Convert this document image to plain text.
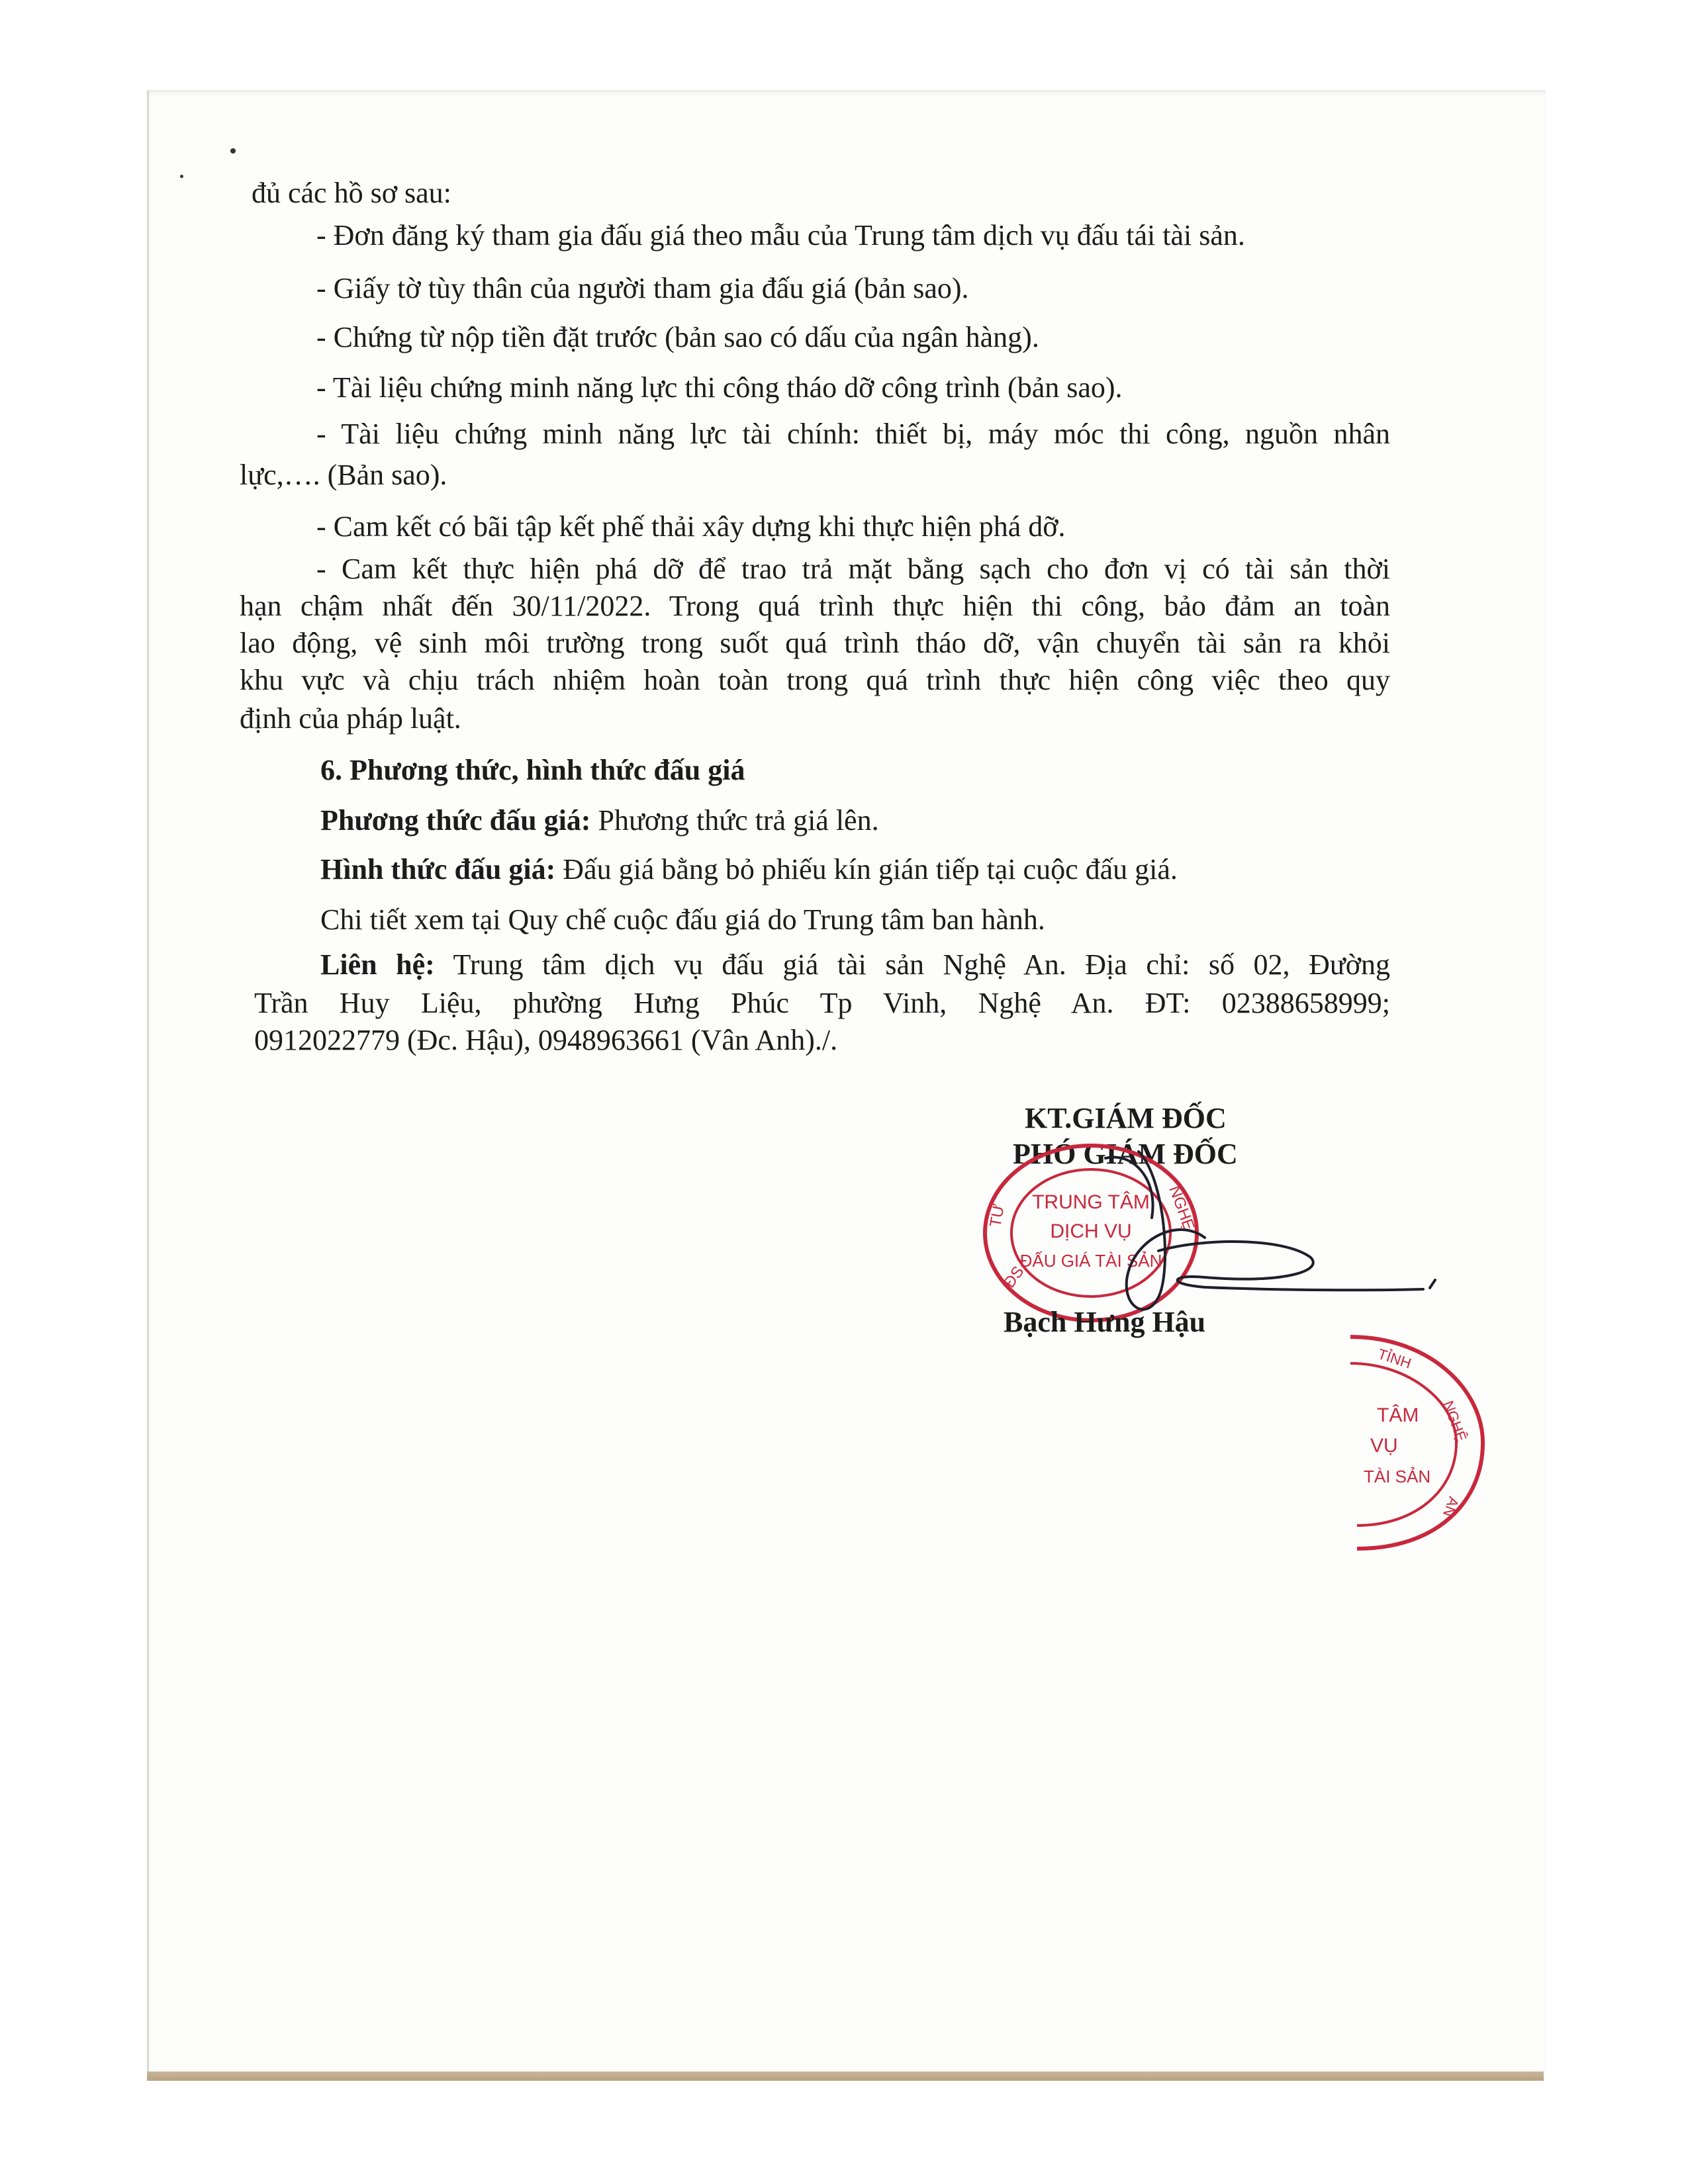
đủ các hồ sơ sau:
- Đơn đăng ký tham gia đấu giá theo mẫu của Trung tâm dịch vụ đấu tái tài sản.
- Giấy tờ tùy thân của người tham gia đấu giá (bản sao).
- Chứng từ nộp tiền đặt trước (bản sao có dấu của ngân hàng).
- Tài liệu chứng minh năng lực thi công tháo dỡ công trình (bản sao).
- Tài liệu chứng minh năng lực tài chính: thiết bị, máy móc thi công, nguồn nhân
lực,…. (Bản sao).
- Cam kết có bãi tập kết phế thải xây dựng khi thực hiện phá dỡ.
- Cam kết thực hiện phá dỡ để trao trả mặt bằng sạch cho đơn vị có tài sản thời
hạn chậm nhất đến 30/11/2022. Trong quá trình thực hiện thi công, bảo đảm an toàn
lao động, vệ sinh môi trường trong suốt quá trình tháo dỡ, vận chuyển tài sản ra khỏi
khu vực và chịu trách nhiệm hoàn toàn trong quá trình thực hiện công việc theo quy
định của pháp luật.
6. Phương thức, hình thức đấu giá
Phương thức đấu giá: Phương thức trả giá lên.
Hình thức đấu giá: Đấu giá bằng bỏ phiếu kín gián tiếp tại cuộc đấu giá.
Chi tiết xem tại Quy chế cuộc đấu giá do Trung tâm ban hành.
Liên hệ: Trung tâm dịch vụ đấu giá tài sản Nghệ An. Địa chỉ: số 02, Đường
Trần Huy Liệu, phường Hưng Phúc Tp Vinh, Nghệ An. ĐT: 02388658999;
0912022779 (Đc. Hậu), 0948963661 (Vân Anh)./.
KT.GIÁM ĐỐC
PHÓ GIÁM ĐỐC
TRUNG TÂM
DỊCH VỤ
ĐẤU GIÁ TÀI SẢN
NGHỆ
TƯ
ĐS
Bạch Hưng Hậu
TÂM
VỤ
TÀI SẢN
TỈNH
NGHỆ
AN
